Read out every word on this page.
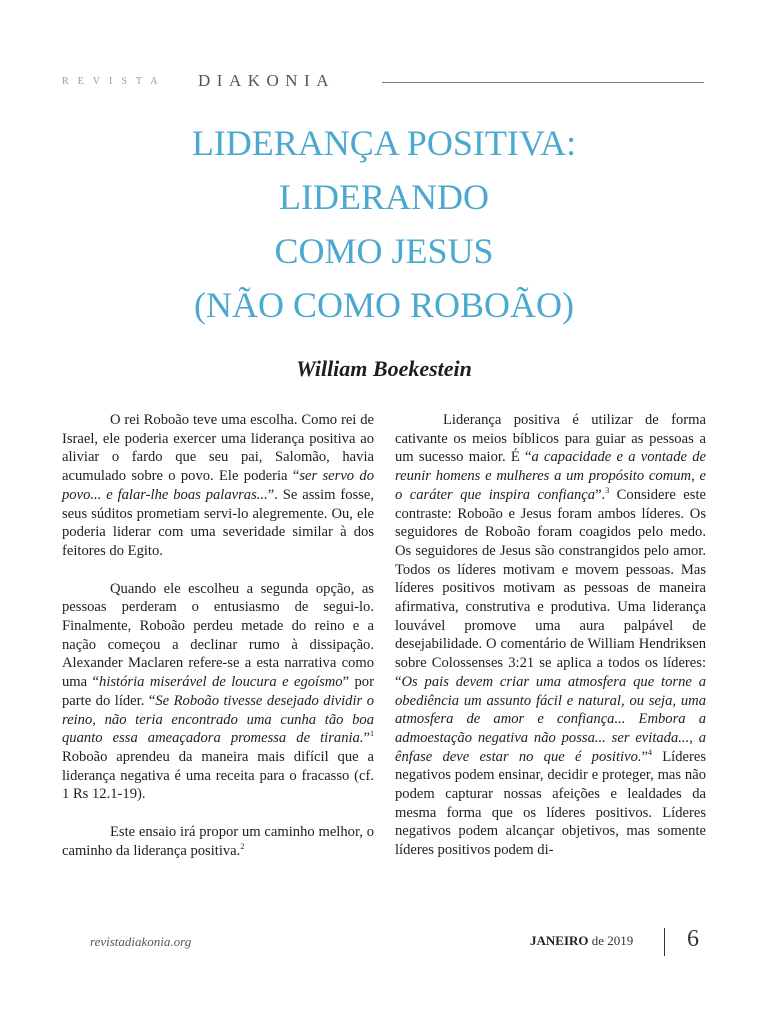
REVISTA DIAKONIA
LIDERANÇA POSITIVA:
LIDERANDO
COMO JESUS
(NÃO COMO ROBOÃO)
William Boekestein

O rei Roboão teve uma escolha. Como rei de Israel, ele poderia exercer uma liderança positiva ao aliviar o fardo que seu pai, Salomão, havia acumulado sobre o povo. Ele poderia “ser servo do povo... e falar-lhe boas palavras...”. Se assim fosse, seus súditos prometiam servi-lo alegremente. Ou, ele poderia liderar com uma severidade similar à dos feitores do Egito.

Quando ele escolheu a segunda opção, as pessoas perderam o entusiasmo de segui-lo. Finalmente, Roboão perdeu metade do reino e a nação começou a declinar rumo à dissipação. Alexander Maclaren refere-se a esta narrativa como uma “história miserável de loucura e egoísmo” por parte do líder. “Se Roboão tivesse desejado dividir o reino, não teria encontrado uma cunha tão boa quanto essa ameaçadora promessa de tirania.”$^1$ Roboão aprendeu da maneira mais difícil que a liderança negativa é uma receita para o fracasso (cf. 1 Rs 12.1-19).

Este ensaio irá propor um caminho melhor, o caminho da liderança positiva.$^2$

Liderança positiva é utilizar de forma cativante os meios bíblicos para guiar as pessoas a um sucesso maior. É “a capacidade e a vontade de reunir homens e mulheres a um propósito comum, e o caráter que inspira confiança”.$^3$ Considere este contraste: Roboão e Jesus foram ambos líderes. Os seguidores de Roboão foram coagidos pelo medo. Os seguidores de Jesus são constrangidos pelo amor. Todos os líderes motivam e movem pessoas. Mas líderes positivos motivam as pessoas de maneira afirmativa, construtiva e produtiva. Uma liderança louvável promove uma aura palpável de desejabilidade. O comentário de William Hendriksen sobre Colossenses 3:21 se aplica a todos os líderes: “Os pais devem criar uma atmosfera que torne a obediência um assunto fácil e natural, ou seja, uma atmosfera de amor e confiança... Embora a admoestação negativa não possa... ser evitada..., a ênfase deve estar no que é positivo.”$^4$ Líderes negativos podem ensinar, decidir e proteger, mas não podem capturar nossas afeições e lealdades da mesma forma que os líderes positivos. Líderes negativos podem alcançar objetivos, mas somente líderes positivos podem di-

revistadiakonia.org	JANEIRO de 2019 6
